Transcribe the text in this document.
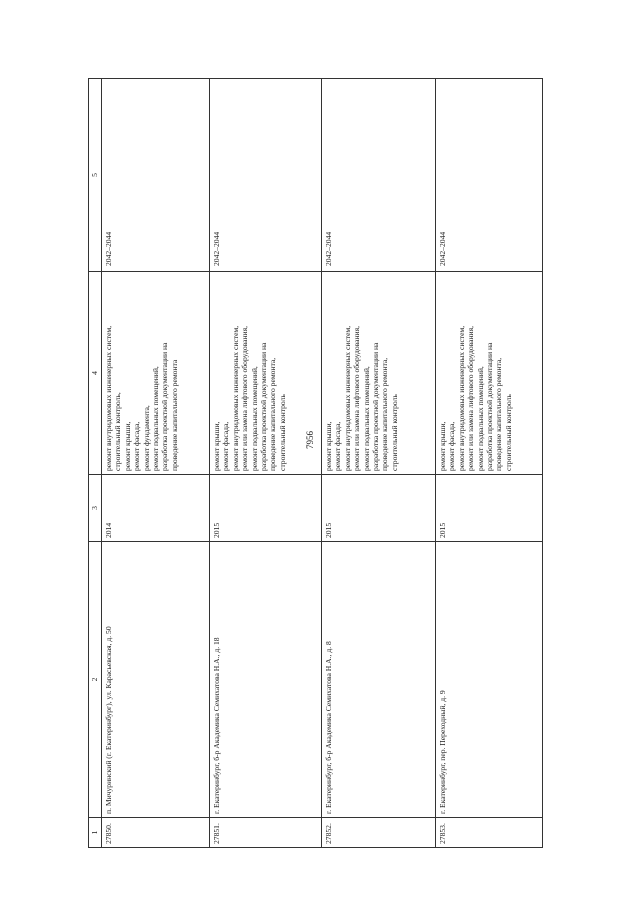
7956
1
2
3
4
5
27850.
п. Мичуринский (г. Екатеринбург), ул. Карасьевская, д. 50
2014
ремонт внутридомовых инженерных систем, строительный контроль, ремонт крыши, ремонт фасада, ремонт фундамента, ремонт подвальных помещений, разработка проектной документации на проведение капитального ремонта
2042–2044
27851.
г. Екатеринбург, б-р Академика Семихатова Н.А., д. 18
2015
ремонт крыши, ремонт фасада, ремонт внутридомовых инженерных систем, ремонт или замена лифтового оборудования, ремонт подвальных помещений, разработка проектной документации на проведение капитального ремонта, строительный контроль
2042–2044
27852.
г. Екатеринбург, б-р Академика Семихатова Н.А., д. 8
2015
ремонт крыши, ремонт фасада, ремонт внутридомовых инженерных систем, ремонт или замена лифтового оборудования, ремонт подвальных помещений, разработка проектной документации на проведение капитального ремонта, строительный контроль
2042–2044
27853.
г. Екатеринбург, пер. Переходный, д. 9
2015
ремонт крыши, ремонт фасада, ремонт внутридомовых инженерных систем, ремонт или замена лифтового оборудования, ремонт подвальных помещений, разработка проектной документации на проведение капитального ремонта, строительный контроль
2042–2044
